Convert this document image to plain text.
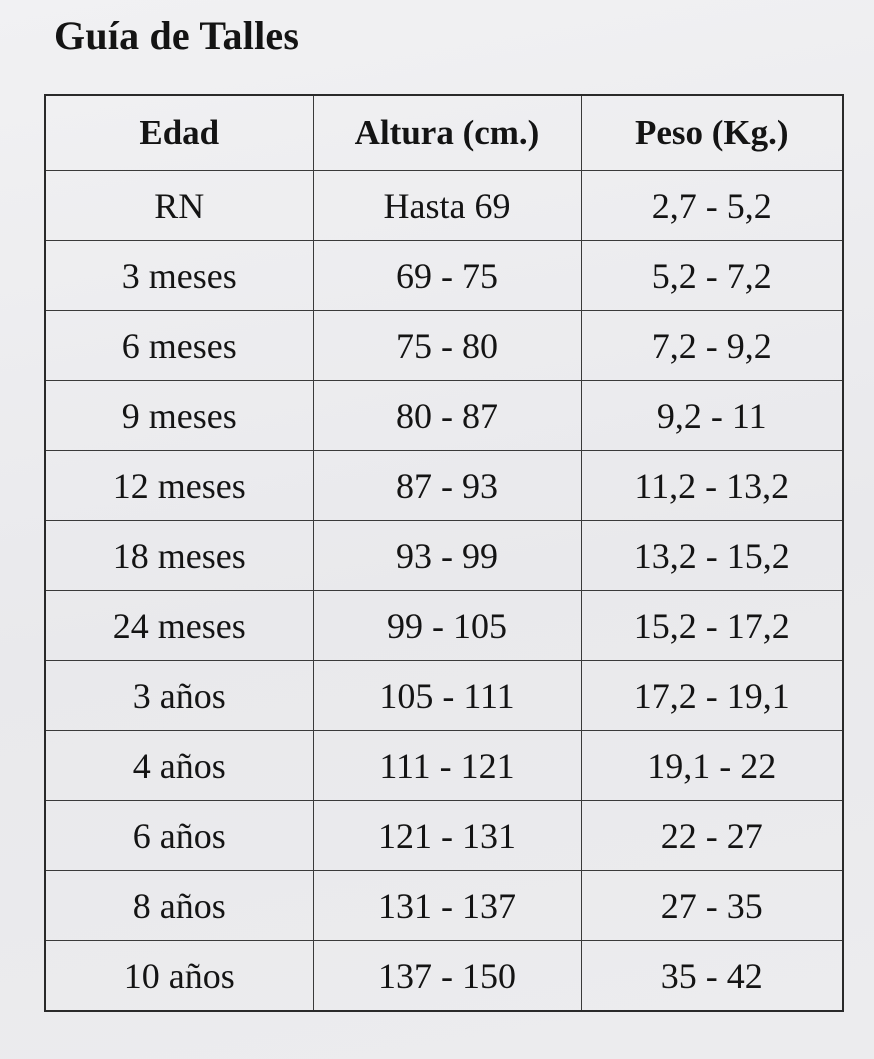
Guía de Talles
Edad	Altura (cm.)	Peso (Kg.)
RN	Hasta 69	2,7 - 5,2
3 meses	69 - 75	5,2 - 7,2
6 meses	75 - 80	7,2 - 9,2
9 meses	80 - 87	9,2 - 11
12 meses	87 - 93	11,2 - 13,2
18 meses	93 - 99	13,2 - 15,2
24 meses	99 - 105	15,2 - 17,2
3 años	105 - 111	17,2 - 19,1
4 años	111 - 121	19,1 - 22
6 años	121 - 131	22 - 27
8 años	131 - 137	27 - 35
10 años	137 - 150	35 - 42
